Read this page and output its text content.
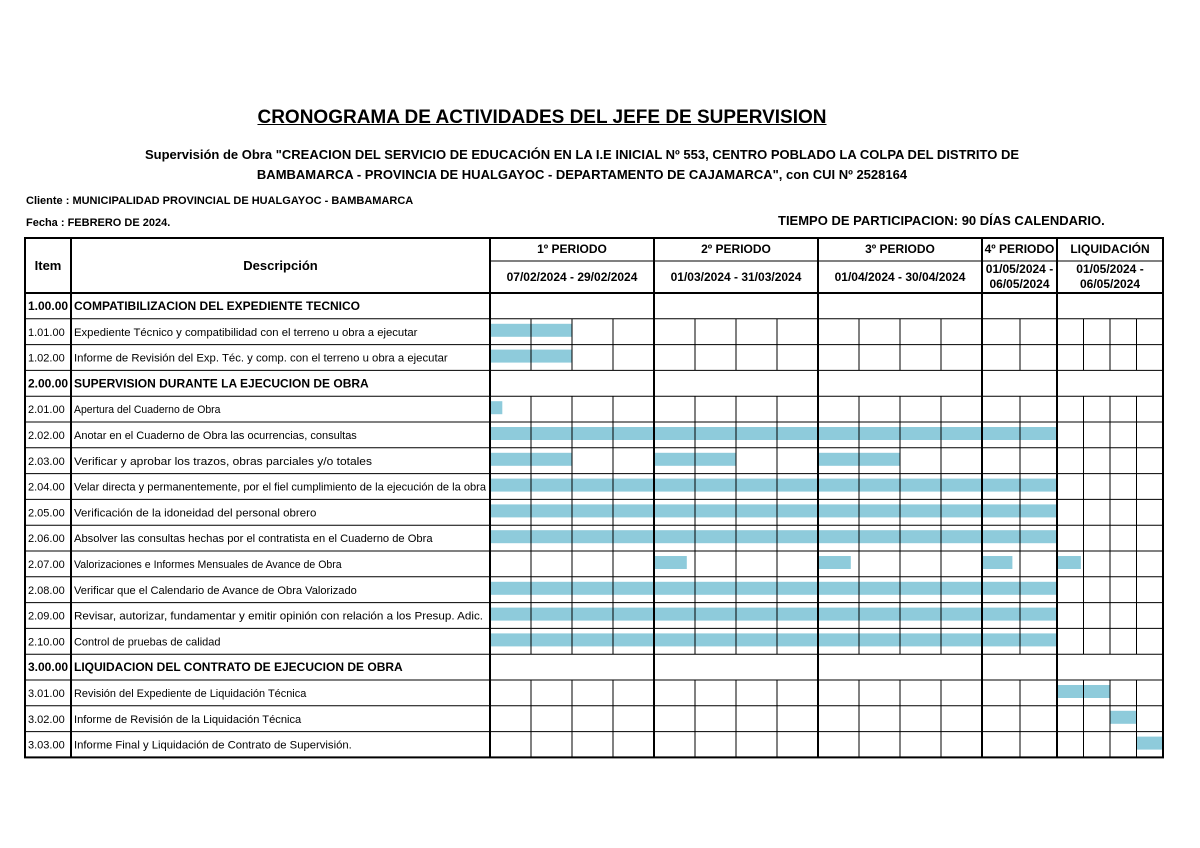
CRONOGRAMA DE ACTIVIDADES DEL JEFE DE SUPERVISION
Supervisión de Obra "CREACION DEL SERVICIO DE EDUCACIÓN EN LA I.E INICIAL Nº 553, CENTRO POBLADO LA COLPA DEL DISTRITO DE
BAMBAMARCA - PROVINCIA DE HUALGAYOC - DEPARTAMENTO DE CAJAMARCA", con CUI Nº 2528164
Cliente : MUNICIPALIDAD PROVINCIAL DE HUALGAYOC - BAMBAMARCA
Fecha : FEBRERO DE 2024.	TIEMPO DE PARTICIPACION: 90 DÍAS CALENDARIO.
Item	Descripción
1º PERIODO
07/02/2024 - 29/02/2024
2º PERIODO
01/03/2024 - 31/03/2024
3º PERIODO
01/04/2024 - 30/04/2024
4º PERIODO
01/05/2024 -06/05/2024
LIQUIDACIÓN
01/05/2024 -06/05/2024
1.00.00 COMPATIBILIZACION DEL EXPEDIENTE TECNICO
1.01.00 Expediente Técnico y compatibilidad con el terreno u obra a ejecutar
1.02.00 Informe de Revisión del Exp. Téc. y comp. con el terreno u obra a ejecutar
2.00.00 SUPERVISION DURANTE LA EJECUCION DE OBRA
2.01.00 Apertura del Cuaderno de Obra
2.02.00 Anotar en el Cuaderno de Obra las ocurrencias, consultas
2.03.00 Verificar y aprobar los trazos, obras parciales y/o totales
2.04.00 Velar directa y permanentemente, por el fiel cumplimiento de la ejecución de la obra
2.05.00 Verificación de la idoneidad del personal obrero
2.06.00 Absolver las consultas hechas por el contratista en el Cuaderno de Obra
2.07.00 Valorizaciones e Informes Mensuales de Avance de Obra
2.08.00 Verificar que el Calendario de Avance de Obra Valorizado
2.09.00 Revisar, autorizar, fundamentar y emitir opinión con relación a los Presup. Adic.
2.10.00 Control de pruebas de calidad
3.00.00 LIQUIDACION DEL CONTRATO DE EJECUCION DE OBRA
3.01.00 Revisión del Expediente de Liquidación Técnica
3.02.00 Informe de Revisión de la Liquidación Técnica
3.03.00 Informe Final y Liquidación de Contrato de Supervisión.
